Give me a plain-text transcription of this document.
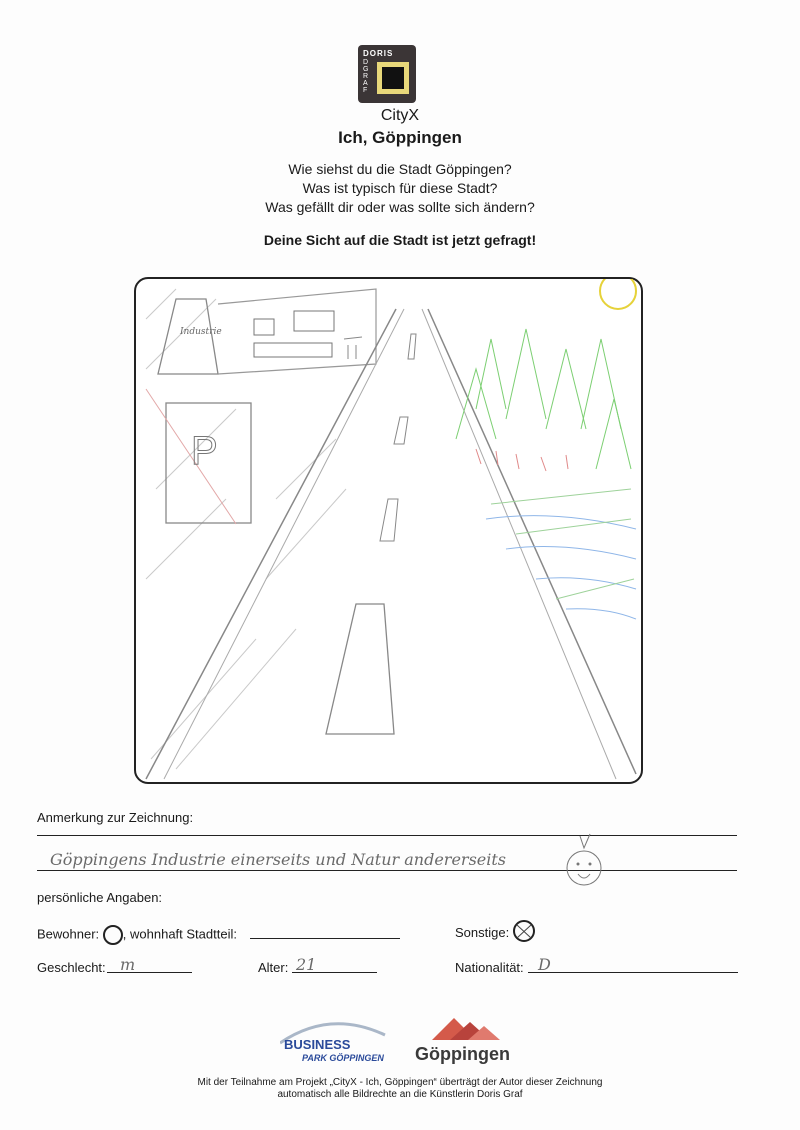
DORIS
D
G
R
A
F
CityX
Ich, Göppingen
Wie siehst du die Stadt Göppingen?
Was ist typisch für diese Stadt?
Was gefällt dir oder was sollte sich ändern?
Deine Sicht auf die Stadt ist jetzt gefragt!
Industrie
P
Anmerkung zur Zeichnung:
Göppingens Industrie einerseits und Natur andererseits
persönliche Angaben:
Bewohner: , wohnhaft Stadtteil:	Sonstige:
Geschlecht: m	Alter: 21	Nationalität: D
BUSINESS
PARK GÖPPINGEN Göppingen
Mit der Teilnahme am Projekt „CityX - Ich, Göppingen“ überträgt der Autor dieser Zeichnung
automatisch alle Bildrechte an die Künstlerin Doris Graf
